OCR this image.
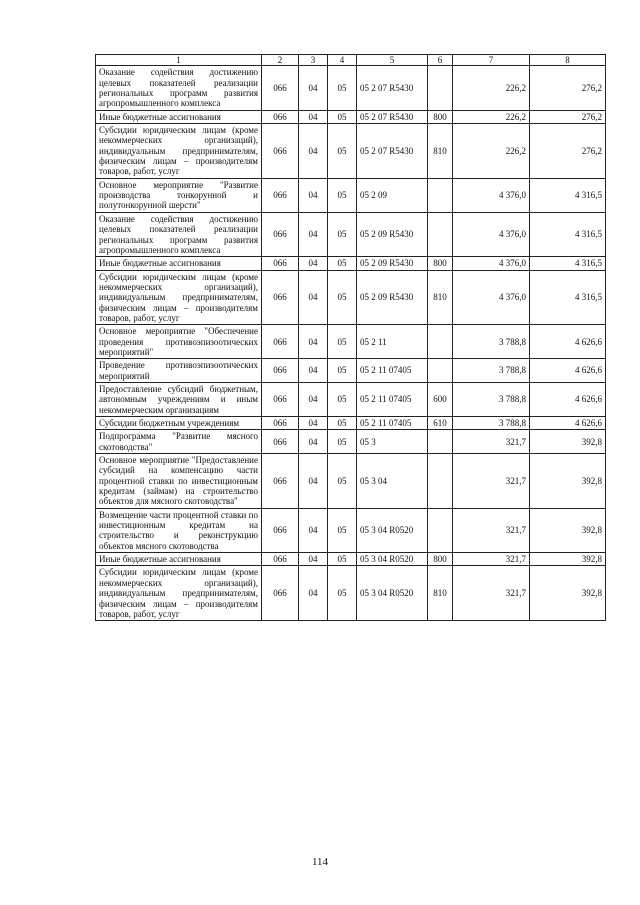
1	2	3	4	5	6	7	8
Оказание содействия достижению целевых показателей реализации региональных программ развития агропромышленного комплекса	066	04	05	05 2 07 R5430		226,2	276,2
Иные бюджетные ассигнования	066	04	05	05 2 07 R5430	800	226,2	276,2
Субсидии юридическим лицам (кроме некоммерческих организаций), индивидуальным предпринимателям, физическим лицам – производителям товаров, работ, услуг	066	04	05	05 2 07 R5430	810	226,2	276,2
Основное мероприятие "Развитие производства тонкорунной и полутонкорунной шерсти"	066	04	05	05 2 09		4 376,0	4 316,5
Оказание содействия достижению целевых показателей реализации региональных программ развития агропромышленного комплекса	066	04	05	05 2 09 R5430		4 376,0	4 316,5
Иные бюджетные ассигнования	066	04	05	05 2 09 R5430	800	4 376,0	4 316,5
Субсидии юридическим лицам (кроме некоммерческих организаций), индивидуальным предпринимателям, физическим лицам – производителям товаров, работ, услуг	066	04	05	05 2 09 R5430	810	4 376,0	4 316,5
Основное мероприятие "Обеспечение проведения противоэпизоотических мероприятий"	066	04	05	05 2 11		3 788,8	4 626,6
Проведение противоэпизоотических мероприятий	066	04	05	05 2 11 07405		3 788,8	4 626,6
Предоставление субсидий бюджетным, автономным учреждениям и иным некоммерческим организациям	066	04	05	05 2 11 07405	600	3 788,8	4 626,6
Субсидии бюджетным учреждениям	066	04	05	05 2 11 07405	610	3 788,8	4 626,6
Подпрограмма "Развитие мясного скотоводства"	066	04	05	05 3		321,7	392,8
Основное мероприятие "Предоставление субсидий на компенсацию части процентной ставки по инвестиционным кредитам (займам) на строительство объектов для мясного скотоводства"	066	04	05	05 3 04		321,7	392,8
Возмещение части процентной ставки по инвестиционным кредитам на строительство и реконструкцию объектов мясного скотоводства	066	04	05	05 3 04 R0520		321,7	392,8
Иные бюджетные ассигнования	066	04	05	05 3 04 R0520	800	321,7	392,8
Субсидии юридическим лицам (кроме некоммерческих организаций), индивидуальным предпринимателям, физическим лицам – производителям товаров, работ, услуг	066	04	05	05 3 04 R0520	810	321,7	392,8
114
